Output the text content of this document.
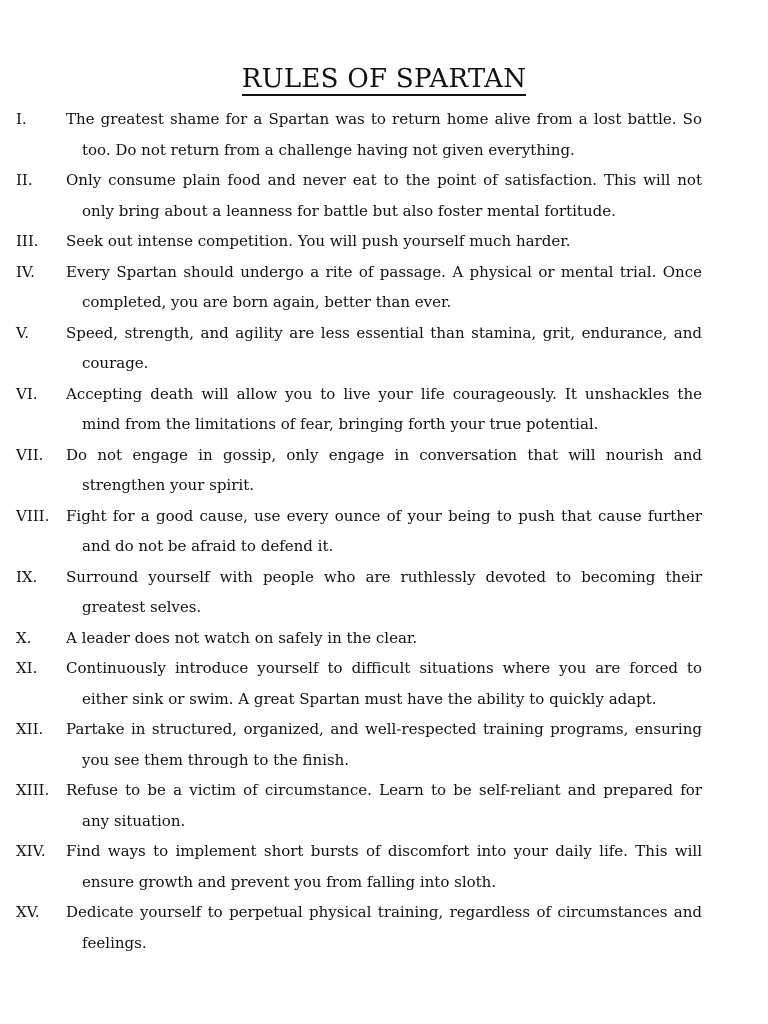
RULES OF SPARTAN
I.	The greatest shame for a Spartan was to return home alive from a lost battle. So too. Do not return from a challenge having not given everything.
II. Only consume plain food and never eat to the point of satisfaction. This will not only bring about a leanness for battle but also foster mental fortitude.
III. Seek out intense competition. You will push yourself much harder.
IV. Every Spartan should undergo a rite of passage. A physical or mental trial. Once completed, you are born again, better than ever.
V. Speed, strength, and agility are less essential than stamina, grit, endurance, and courage.
VI. Accepting death will allow you to live your life courageously. It unshackles the mind from the limitations of fear, bringing forth your true potential.
VII. Do not engage in gossip, only engage in conversation that will nourish and strengthen your spirit.
VIII. Fight for a good cause, use every ounce of your being to push that cause further and do not be afraid to defend it.
IX. Surround yourself with people who are ruthlessly devoted to becoming their greatest selves.
X. A leader does not watch on safely in the clear.
XI. Continuously introduce yourself to difficult situations where you are forced to either sink or swim. A great Spartan must have the ability to quickly adapt.
XII. Partake in structured, organized, and well-respected training programs, ensuring you see them through to the finish.
XIII. Refuse to be a victim of circumstance. Learn to be self-reliant and prepared for any situation.
XIV. Find ways to implement short bursts of discomfort into your daily life. This will ensure growth and prevent you from falling into sloth.
XV. Dedicate yourself to perpetual physical training, regardless of circumstances and feelings.
